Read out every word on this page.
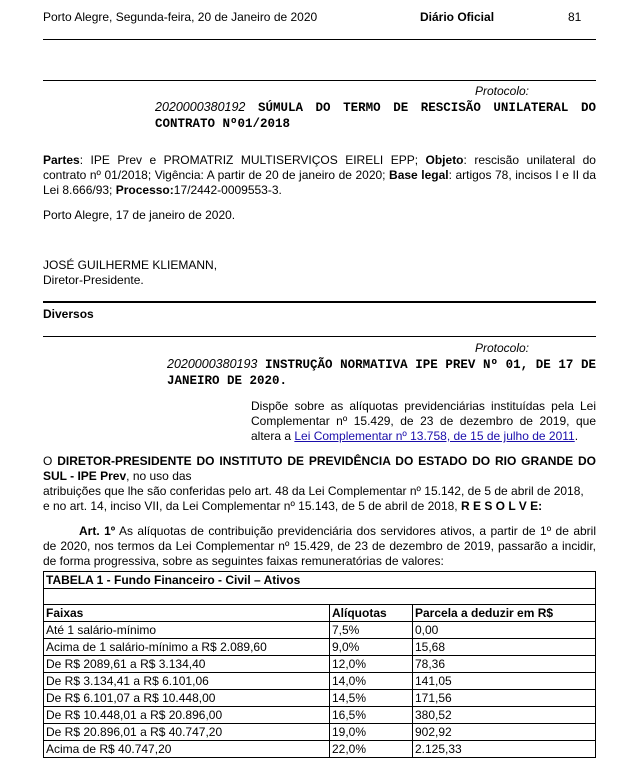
Porto Alegre, Segunda-feira, 20 de Janeiro de 2020	Diário Oficial	81
Protocolo:
2020000380192 SÚMULA DO TERMO DE RESCISÃO UNILATERAL DO CONTRATO Nº01/2018
Partes: IPE Prev e PROMATRIZ MULTISERVIÇOS EIRELI EPP; Objeto: rescisão unilateral do contrato nº 01/2018; Vigência: A partir de 20 de janeiro de 2020; Base legal: artigos 78, incisos I e II da Lei 8.666/93; Processo:17/2442-0009553-3.
Porto Alegre, 17 de janeiro de 2020.
JOSÉ GUILHERME KLIEMANN,
Diretor-Presidente.
Diversos
Protocolo:
2020000380193 INSTRUÇÃO NORMATIVA IPE PREV Nº 01, DE 17 DE JANEIRO DE 2020.
Dispõe sobre as alíquotas previdenciárias instituídas pela Lei Complementar nº 15.429, de 23 de dezembro de 2019, que altera a Lei Complementar nº 13.758, de 15 de julho de 2011.
O DIRETOR-PRESIDENTE DO INSTITUTO DE PREVIDÊNCIA DO ESTADO DO RIO GRANDE DO SUL - IPE Prev, no uso das
atribuições que lhe são conferidas pelo art. 48 da Lei Complementar nº 15.142, de 5 de abril de 2018,
e no art. 14, inciso VII, da Lei Complementar nº 15.143, de 5 de abril de 2018, R E S O L V E:
Art. 1º As alíquotas de contribuição previdenciária dos servidores ativos, a partir de 1º de abril de 2020, nos termos da Lei Complementar nº 15.429, de 23 de dezembro de 2019, passarão a incidir, de forma progressiva, sobre as seguintes faixas remuneratórias de valores:
TABELA 1 - Fundo Financeiro - Civil – Ativos		

Faixas	Alíquotas	Parcela a deduzir em R$
Até 1 salário-mínimo	7,5%	0,00
Acima de 1 salário-mínimo a R$ 2.089,60	9,0%	15,68
De R$ 2089,61 a R$ 3.134,40	12,0%	78,36
De R$ 3.134,41 a R$ 6.101,06	14,0%	141,05
De R$ 6.101,07 a R$ 10.448,00	14,5%	171,56
De R$ 10.448,01 a R$ 20.896,00	16,5%	380,52
De R$ 20.896,01 a R$ 40.747,20	19,0%	902,92
Acima de R$ 40.747,20	22,0%	2.125,33
